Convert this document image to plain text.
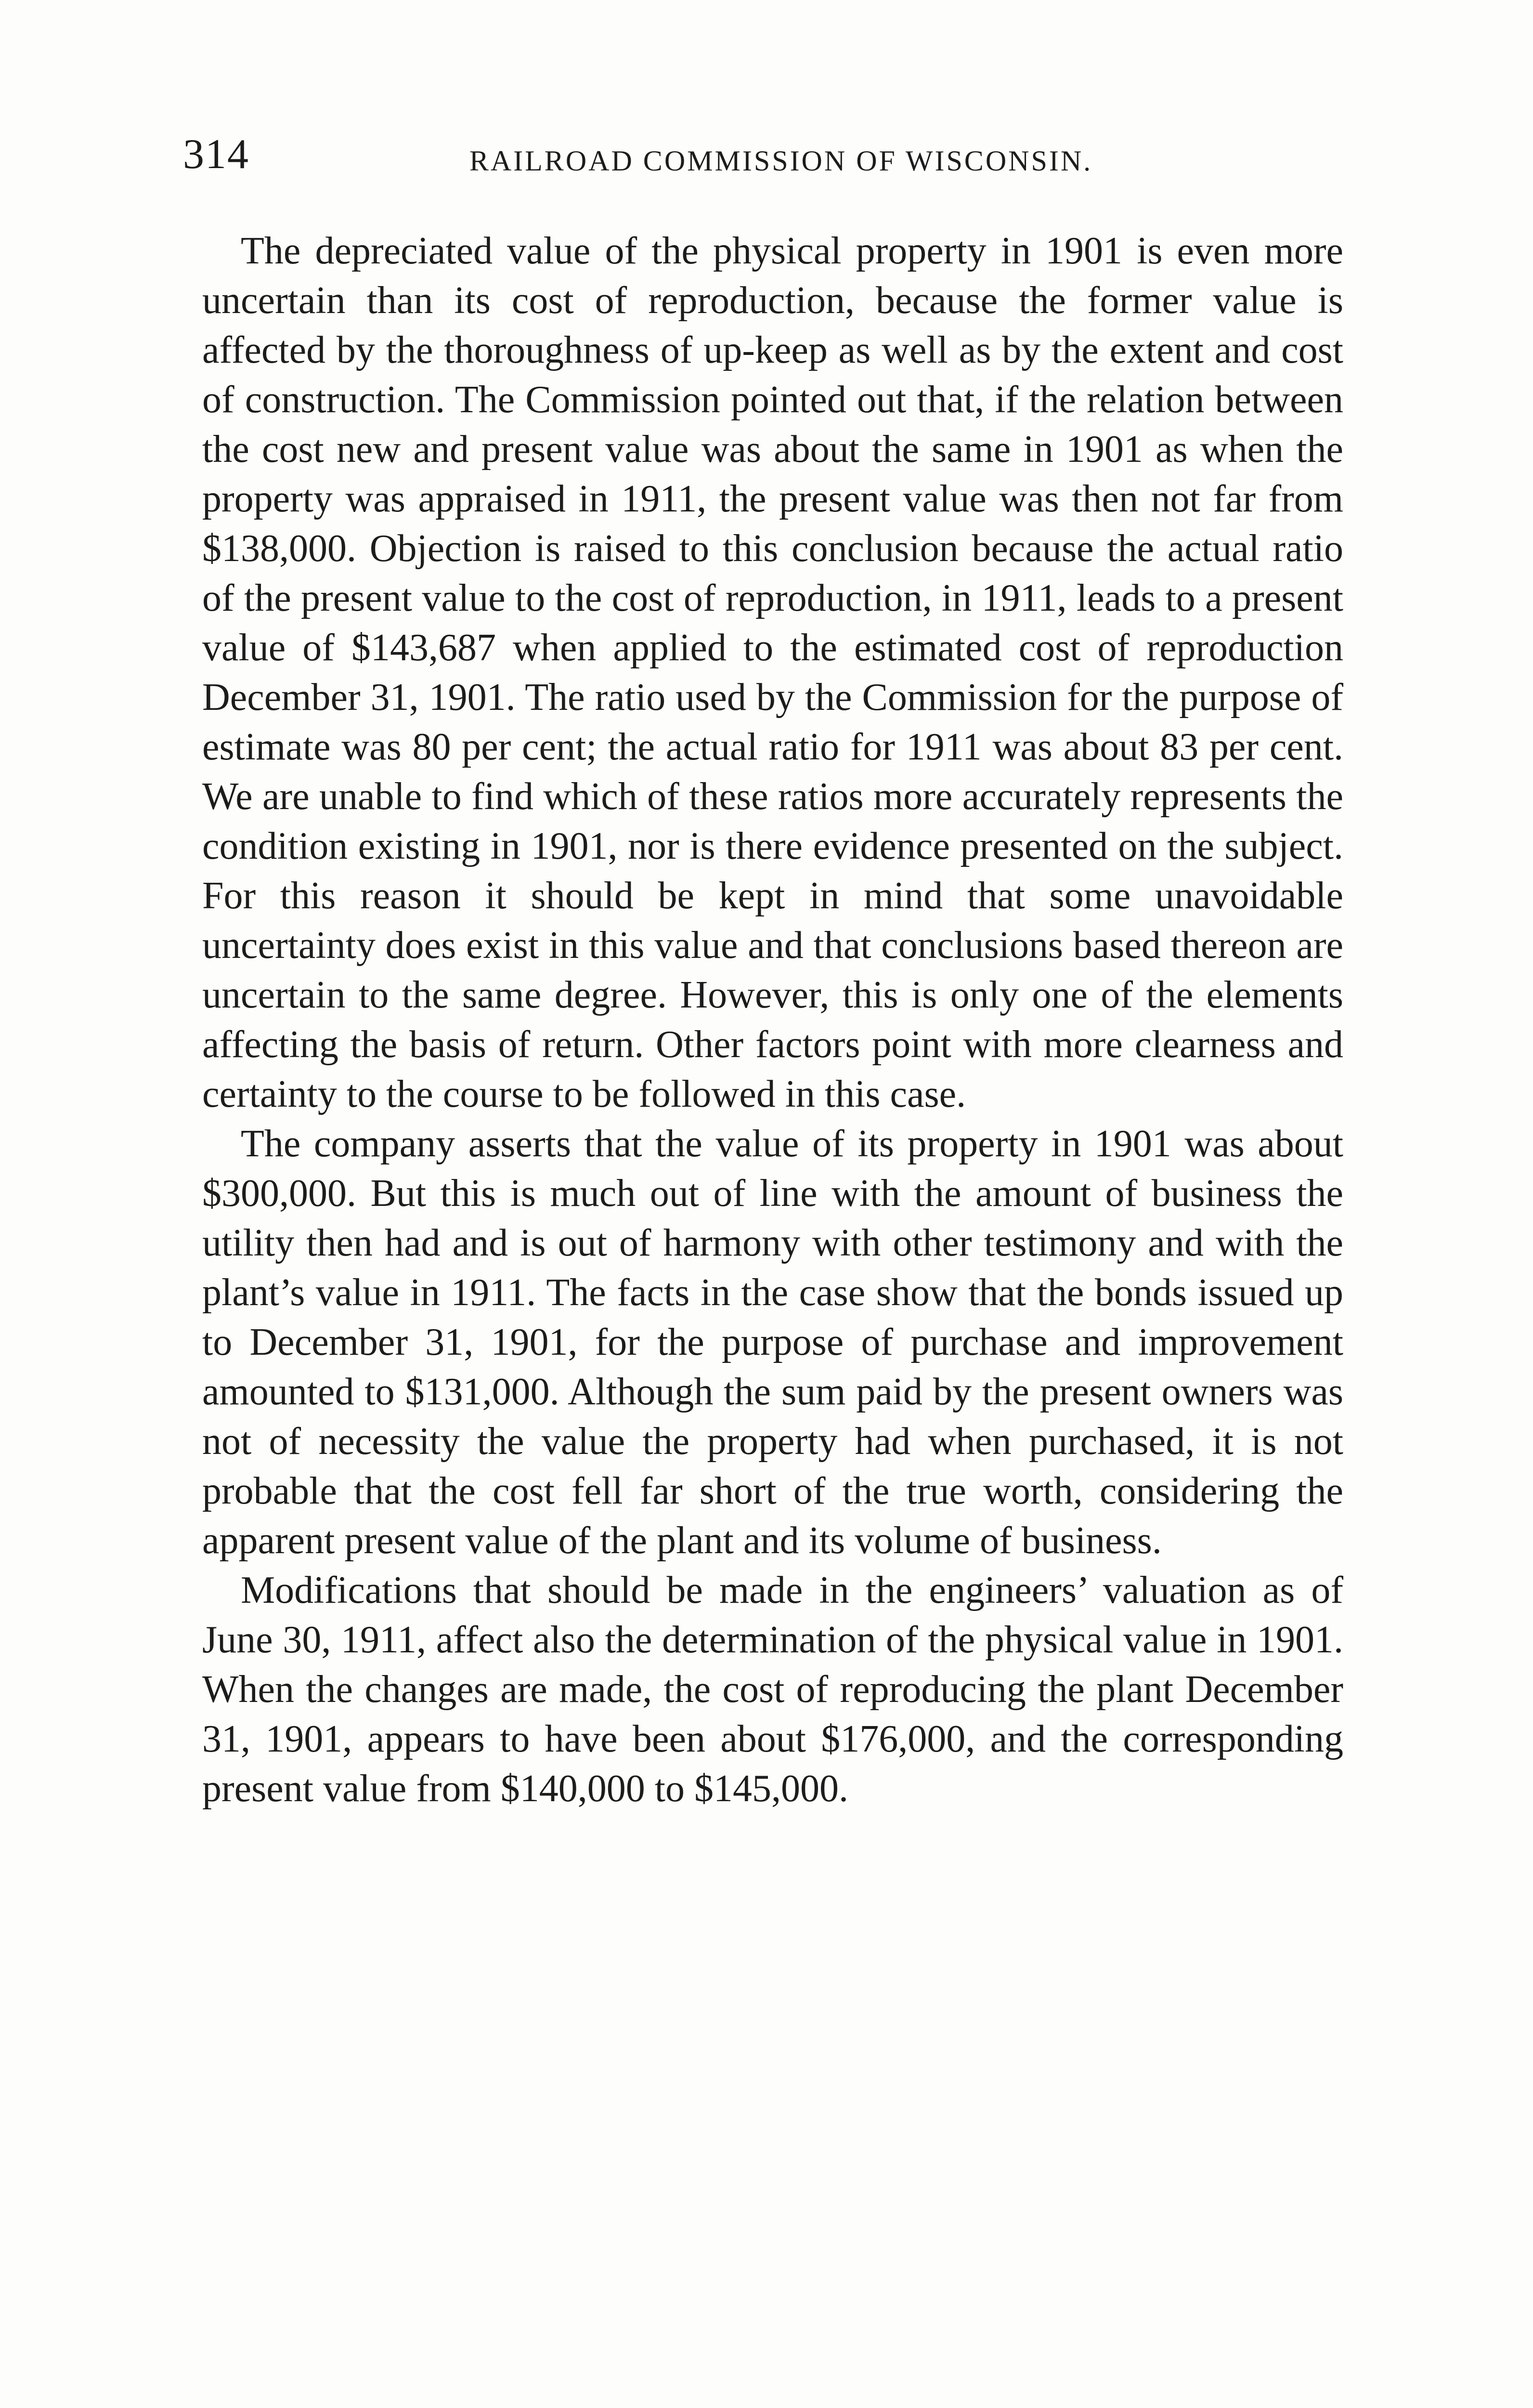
314	RAILROAD COMMISSION OF WISCONSIN.

The depreciated value of the physical property in 1901 is even more uncertain than its cost of reproduction, because the former value is affected by the thoroughness of up-keep as well as by the extent and cost of construction. The Commission pointed out that, if the relation between the cost new and present value was about the same in 1901 as when the property was appraised in 1911, the present value was then not far from $138,000. Objection is raised to this conclusion because the actual ratio of the present value to the cost of reproduction, in 1911, leads to a present value of $143,687 when applied to the estimated cost of reproduction December 31, 1901. The ratio used by the Commission for the purpose of estimate was 80 per cent; the actual ratio for 1911 was about 83 per cent. We are unable to find which of these ratios more accurately represents the condition existing in 1901, nor is there evidence presented on the subject. For this reason it should be kept in mind that some unavoidable uncertainty does exist in this value and that conclusions based thereon are uncertain to the same degree. However, this is only one of the elements affecting the basis of return. Other factors point with more clearness and certainty to the course to be followed in this case.

The company asserts that the value of its property in 1901 was about $300,000. But this is much out of line with the amount of business the utility then had and is out of harmony with other testimony and with the plant’s value in 1911. The facts in the case show that the bonds issued up to December 31, 1901, for the purpose of purchase and improvement amounted to $131,000. Although the sum paid by the present owners was not of necessity the value the property had when purchased, it is not probable that the cost fell far short of the true worth, considering the apparent present value of the plant and its volume of business.

Modifications that should be made in the engineers’ valuation as of June 30, 1911, affect also the determination of the physical value in 1901. When the changes are made, the cost of reproducing the plant December 31, 1901, appears to have been about $176,000, and the corresponding present value from $140,000 to $145,000.
